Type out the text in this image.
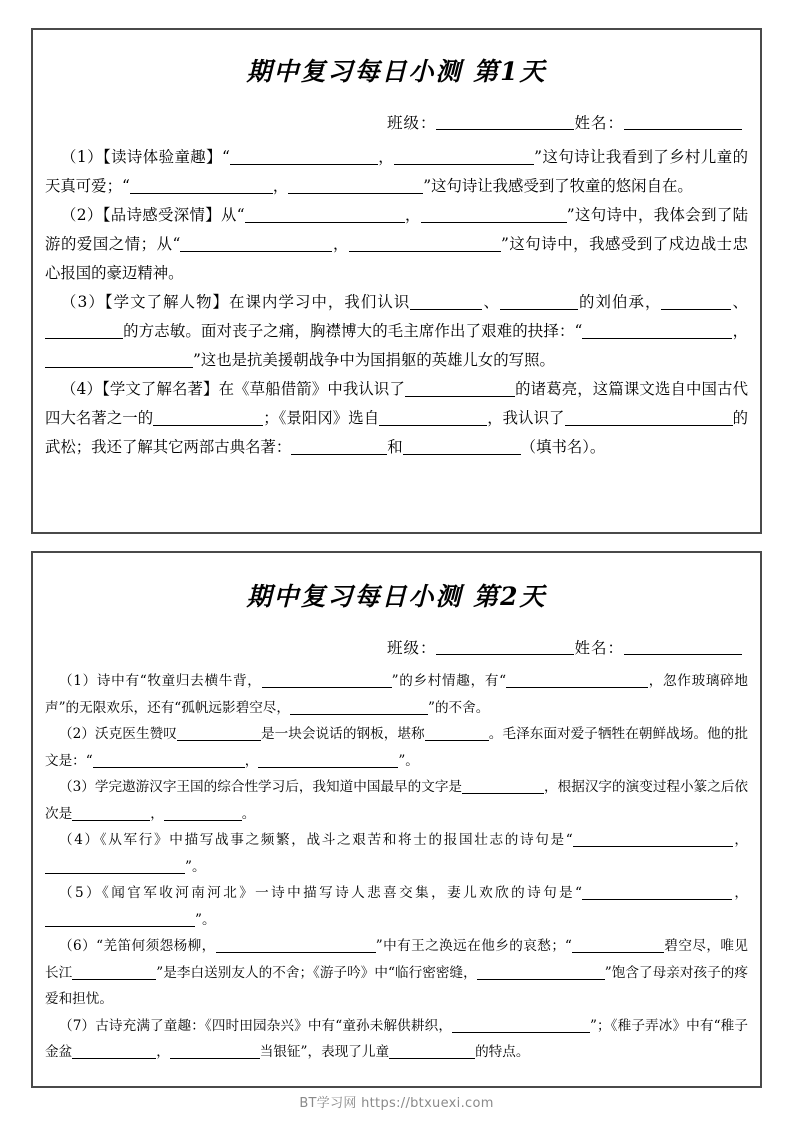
期中复习每日小测 第1天
班级：	姓名：

（1）【读诗体验童趣】“	，	”这句诗让我看到了乡村儿童的天真可爱；“	，	”这句诗让我感受到了牧童的悠闲自在。

（2）【品诗感受深情】从“	，	”这句诗中，我体会到了陆游的爱国之情；从“	，	”这句诗中，我感受到了戍边战士忠心报国的豪迈精神。

（3）【学文了解人物】在课内学习中，我们认识	、	的刘伯承，	、的方志敏。面对丧子之痛，胸襟博大的毛主席作出了艰难的抉择：“	，”这也是抗美援朝战争中为国捐躯的英雄儿女的写照。

（4）【学文了解名著】在《草船借箭》中我认识了	的诸葛亮，这篇课文选自中国古代四大名著之一的	；《景阳冈》选自	，我认识了	的武松；我还了解其它两部古典名著：	和	（填书名）。

期中复习每日小测 第2天
班级：	姓名：

（1）诗中有“牧童归去横牛背，	”的乡村情趣，有“	，忽作玻璃碎地声”的无限欢乐，还有“孤帆远影碧空尽，	”的不舍。

（2）沃克医生赞叹	是一块会说话的钢板，堪称	。毛泽东面对爱子牺牲在朝鲜战场。他的批文是：“	，	”。

（3）学完遨游汉字王国的综合性学习后，我知道中国最早的文字是	，根据汉字的演变过程小篆之后依次是	，	。

（4）《从军行》中描写战事之频繁，战斗之艰苦和将士的报国壮志的诗句是“	，”。

（5）《闻官军收河南河北》一诗中描写诗人悲喜交集，妻儿欢欣的诗句是“	，”。

（6）“羌笛何须怨杨柳，	”中有王之涣远在他乡的哀愁；“	碧空尽，唯见长江	”是李白送别友人的不舍；《游子吟》中“临行密密缝，	”饱含了母亲对孩子的疼爱和担忧。

（7）古诗充满了童趣：《四时田园杂兴》中有“童孙未解供耕织，	”；《稚子弄冰》中有“稚子金盆	，	当银钲”，表现了儿童	的特点。

BT学习网 https://btxuexi.com
